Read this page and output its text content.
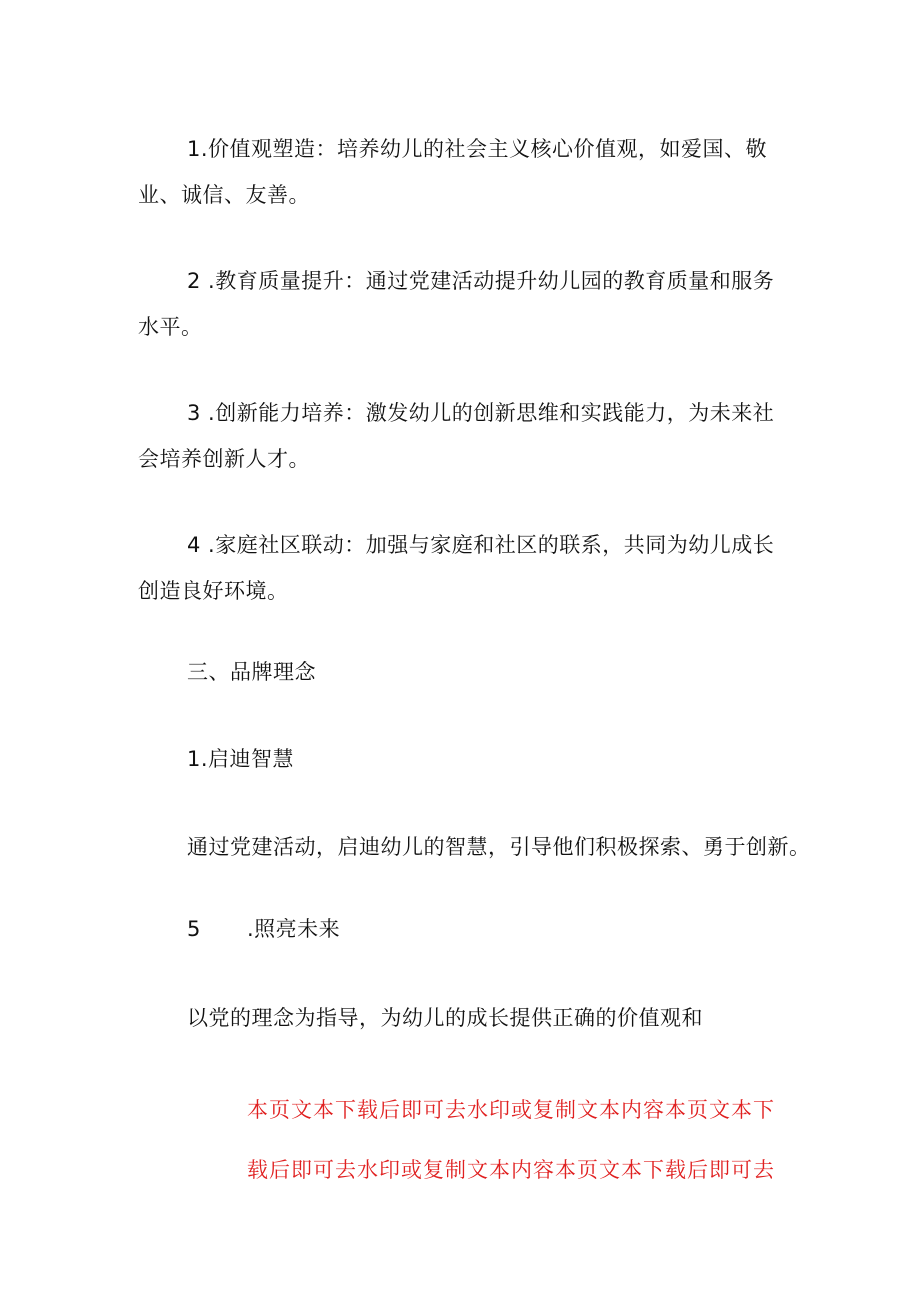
1.价值观塑造：培养幼儿的社会主义核心价值观，如爱国、敬业、诚信、友善。

2 .教育质量提升：通过党建活动提升幼儿园的教育质量和服务水平。

3 .创新能力培养：激发幼儿的创新思维和实践能力，为未来社会培养创新人才。

4 .家庭社区联动：加强与家庭和社区的联系，共同为幼儿成长创造良好环境。

三、品牌理念

1.启迪智慧

通过党建活动，启迪幼儿的智慧，引导他们积极探索、勇于创新。

5 .照亮未来

以党的理念为指导，为幼儿的成长提供正确的价值观和

本页文本下载后即可去水印或复制文本内容本页文本下

载后即可去水印或复制文本内容本页文本下载后即可去
